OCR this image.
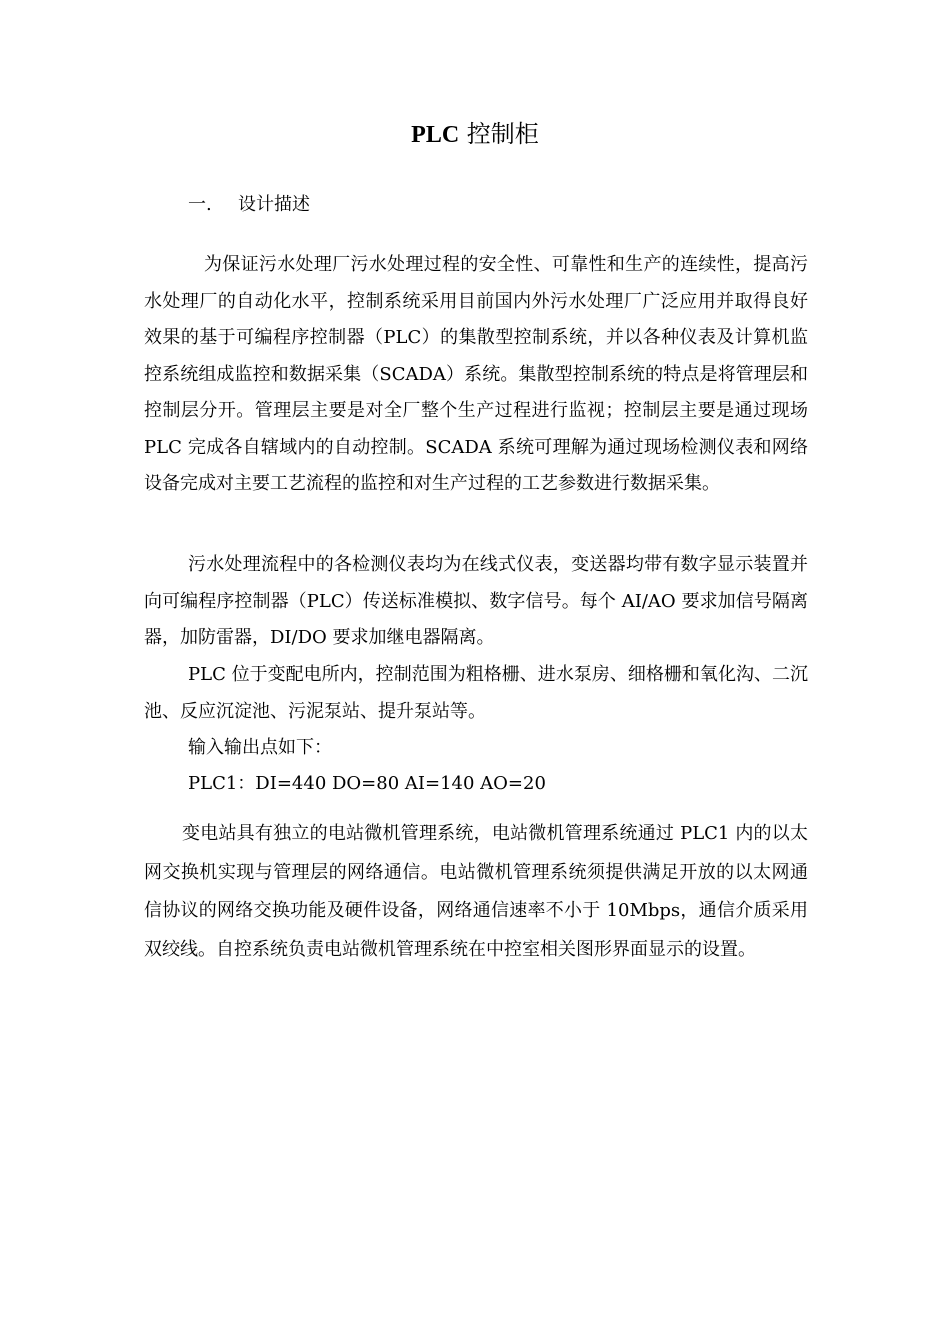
PLC 控制柜
一. 设计描述

为保证污水处理厂污水处理过程的安全性、可靠性和生产的连续性，提高污水处理厂的自动化水平，控制系统采用目前国内外污水处理厂广泛应用并取得良好效果的基于可编程序控制器（PLC）的集散型控制系统，并以各种仪表及计算机监控系统组成监控和数据采集（SCADA）系统。集散型控制系统的特点是将管理层和控制层分开。管理层主要是对全厂整个生产过程进行监视；控制层主要是通过现场 PLC 完成各自辖域内的自动控制。SCADA 系统可理解为通过现场检测仪表和网络设备完成对主要工艺流程的监控和对生产过程的工艺参数进行数据采集。

污水处理流程中的各检测仪表均为在线式仪表，变送器均带有数字显示装置并向可编程序控制器（PLC）传送标准模拟、数字信号。每个 AI/AO 要求加信号隔离器，加防雷器，DI/DO 要求加继电器隔离。

PLC 位于变配电所内，控制范围为粗格栅、进水泵房、细格栅和氧化沟、二沉池、反应沉淀池、污泥泵站、提升泵站等。

输入输出点如下：

PLC1：DI=440 DO=80 AI=140 AO=20

变电站具有独立的电站微机管理系统，电站微机管理系统通过 PLC1 内的以太网交换机实现与管理层的网络通信。电站微机管理系统须提供满足开放的以太网通信协议的网络交换功能及硬件设备，网络通信速率不小于 10Mbps，通信介质采用双绞线。自控系统负责电站微机管理系统在中控室相关图形界面显示的设置。
